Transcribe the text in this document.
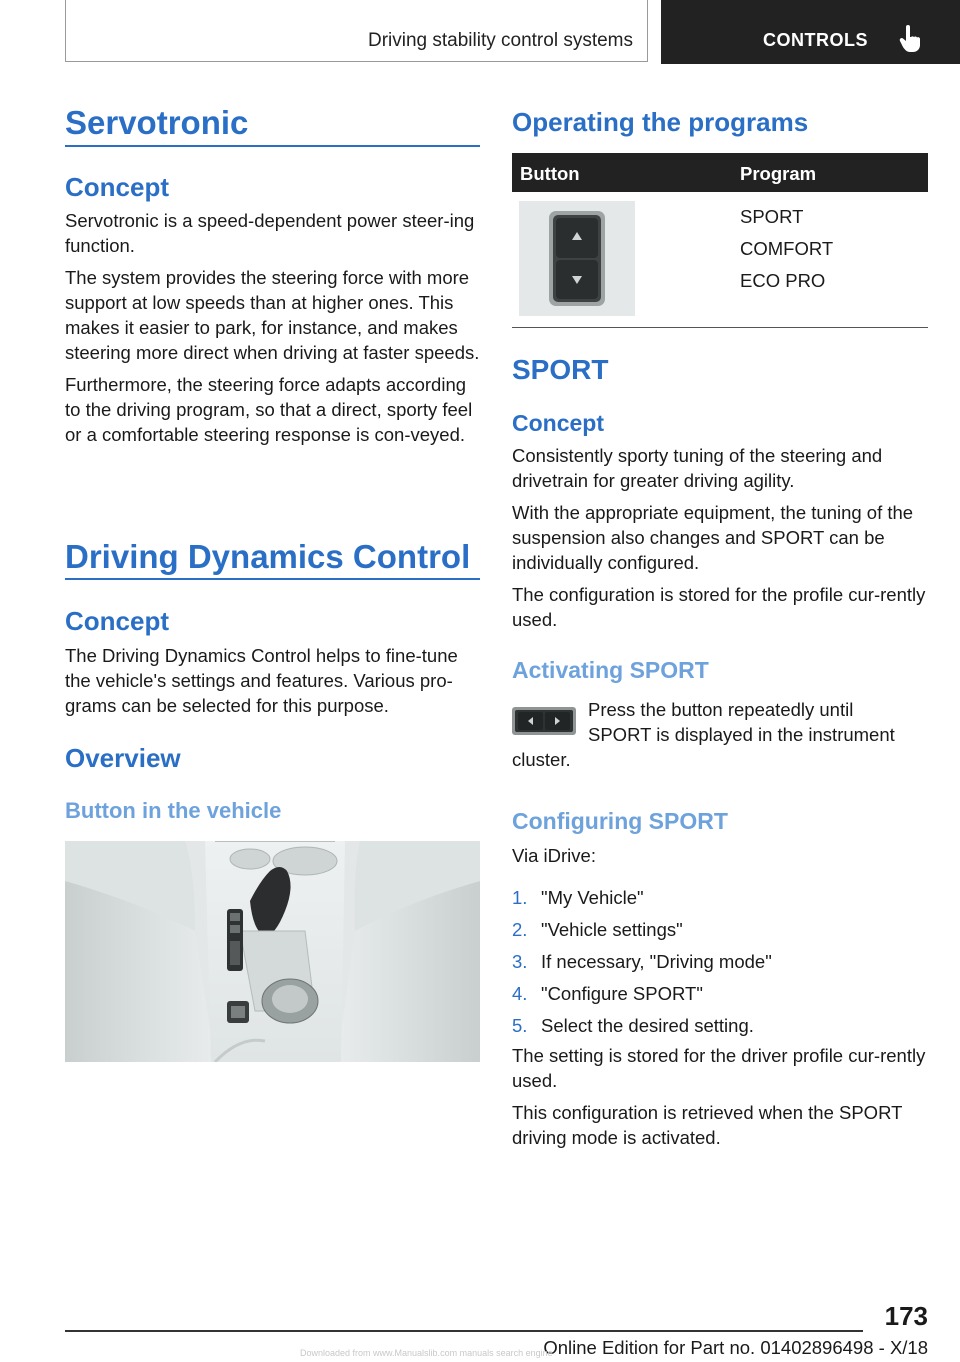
Driving stability control systems	CONTROLS
Servotronic
Concept
Servotronic is a speed-dependent power steer‐ing function.
The system provides the steering force with more support at low speeds than at higher ones. This makes it easier to park, for instance, and makes steering more direct when driving at faster speeds.
Furthermore, the steering force adapts according to the driving program, so that a direct, sporty feel or a comfortable steering response is con‐veyed.
Driving Dynamics Control
Concept
The Driving Dynamics Control helps to fine-tune the vehicle's settings and features. Various pro‐grams can be selected for this purpose.
Overview
Button in the vehicle
Operating the programs
Button	Program
SPORT
COMFORT
ECO PRO
SPORT
Concept
Consistently sporty tuning of the steering and drivetrain for greater driving agility.
With the appropriate equipment, the tuning of the suspension also changes and SPORT can be individually configured.
The configuration is stored for the profile cur‐rently used.
Activating SPORT
Press the button repeatedly until
SPORT is displayed in the instrument
cluster.
Configuring SPORT
Via iDrive:
1. "My Vehicle"
2. "Vehicle settings"
3. If necessary, "Driving mode"
4. "Configure SPORT"
5. Select the desired setting.
The setting is stored for the driver profile cur‐rently used.
This configuration is retrieved when the SPORT driving mode is activated.
173
Online Edition for Part no. 01402896498 - X/18
Downloaded from www.Manualslib.com manuals search engine
